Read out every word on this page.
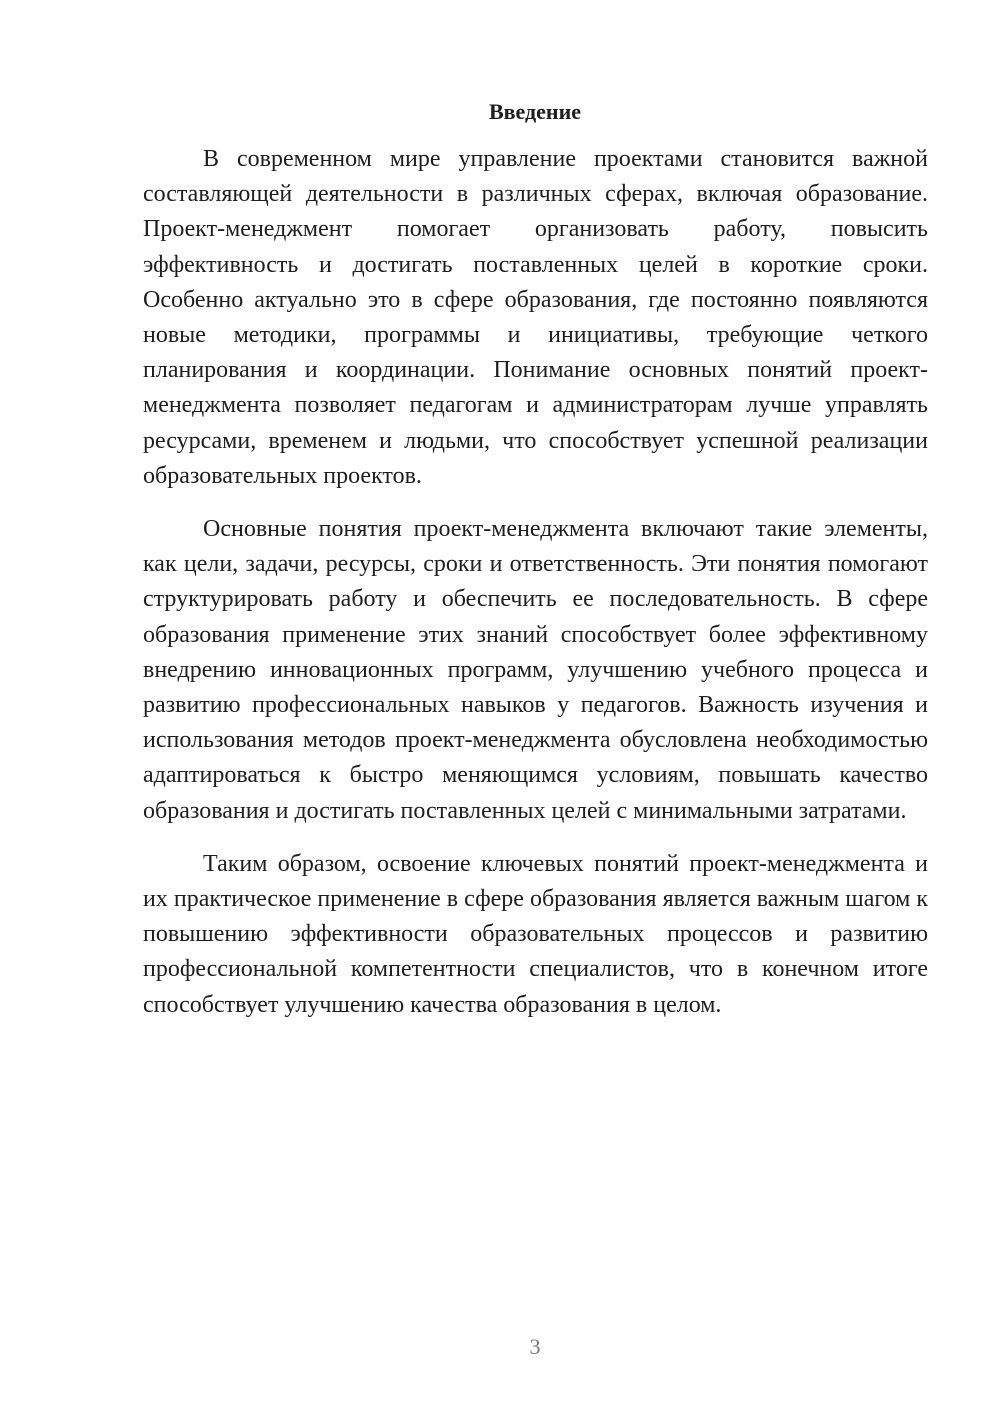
Введение

В современном мире управление проектами становится важной составляющей деятельности в различных сферах, включая образование. Проект-менеджмент помогает организовать работу, повысить эффективность и достигать поставленных целей в короткие сроки. Особенно актуально это в сфере образования, где постоянно появляются новые методики, программы и инициативы, требующие четкого планирования и координации. Понимание основных понятий проект-менеджмента позволяет педагогам и администраторам лучше управлять ресурсами, временем и людьми, что способствует успешной реализации образовательных проектов.

Основные понятия проект-менеджмента включают такие элементы, как цели, задачи, ресурсы, сроки и ответственность. Эти понятия помогают структурировать работу и обеспечить ее последовательность. В сфере образования применение этих знаний способствует более эффективному внедрению инновационных программ, улучшению учебного процесса и развитию профессиональных навыков у педагогов. Важность изучения и использования методов проект-менеджмента обусловлена необходимостью адаптироваться к быстро меняющимся условиям, повышать качество образования и достигать поставленных целей с минимальными затратами.

Таким образом, освоение ключевых понятий проект-менеджмента и их практическое применение в сфере образования является важным шагом к повышению эффективности образовательных процессов и развитию профессиональной компетентности специалистов, что в конечном итоге способствует улучшению качества образования в целом.

3
